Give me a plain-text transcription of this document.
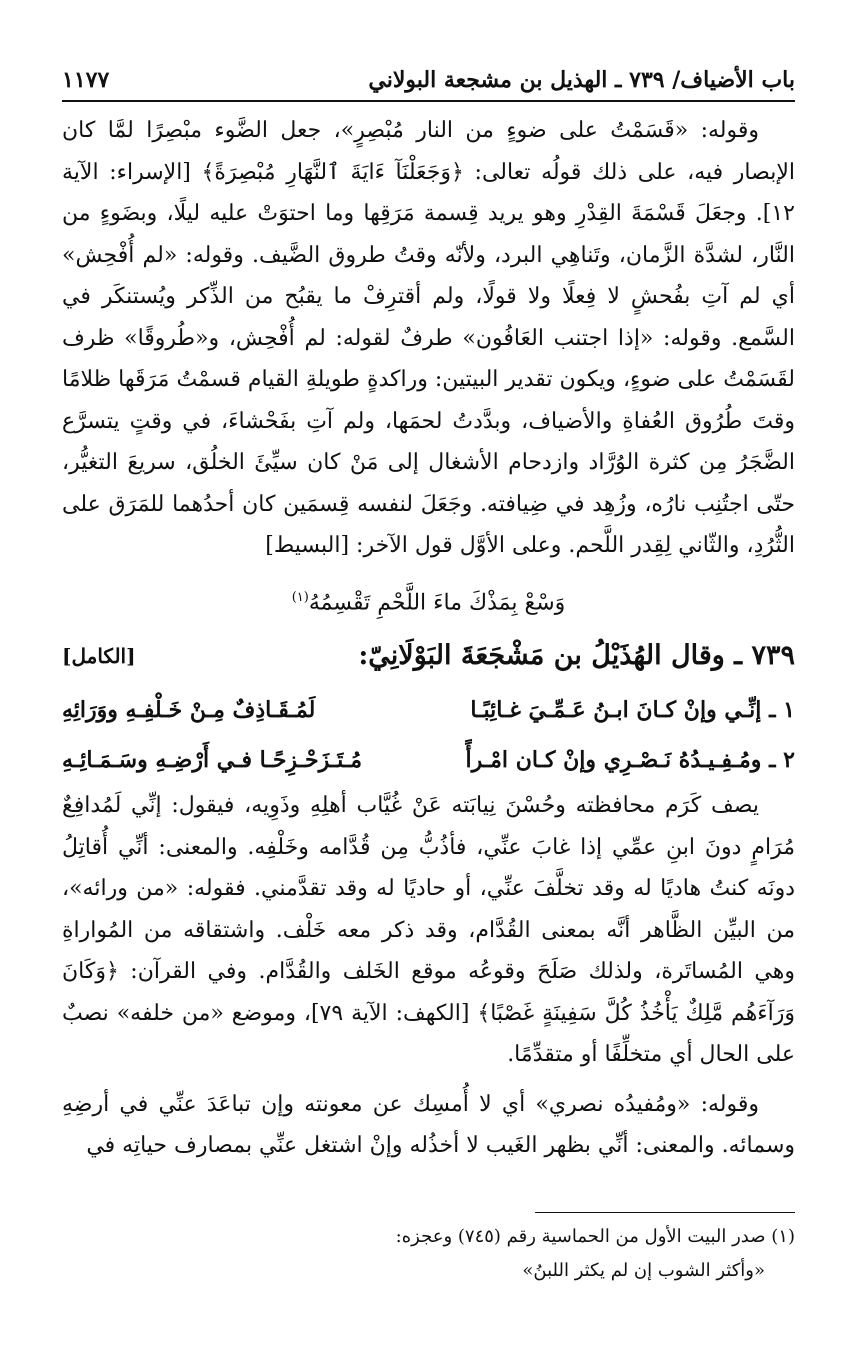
باب الأضياف/ ٧٣٩ ـ الهذيل بن مشجعة البولاني
١١٧٧

وقوله: «قَسَمْتُ على ضوءٍ من النار مُبْصِرٍ»، جعل الضَّوء مبْصِرًا لمَّا كان الإبصار فيه، على ذلك قولُه تعالى: ﴿وَجَعَلْنَآ ءَايَةَ ٱلنَّهَارِ مُبْصِرَةً﴾ [الإسراء: الآية ١٢]. وجعَلَ قَسْمَةَ القِدْرِ وهو يريد قِسمة مَرَقِها وما احتوَتْ عليه ليلًا، وبضَوءٍ من النَّار، لشدَّة الزَّمان، وتَناهِي البرد، ولأنّه وقتُ طروق الضَّيف. وقوله: «لم أُفْحِش» أي لم آتِ بفُحشٍ لا فِعلًا ولا قولًا، ولم أقترِفْ ما يقبُح من الذِّكر ويُستنكَر في السَّمع. وقوله: «إذا اجتنب العَافُون» طرفٌ لقوله: لم أُفْحِش، و«طُروقًا» ظرف لقَسَمْتُ على ضوءٍ، ويكون تقدير البيتين: وراكدةٍ طويلةِ القيام قسمْتُ مَرَقَها ظلامًا وقتَ طُرُوق العُفاةِ والأضياف، وبدَّدتُ لحمَها، ولم آتِ بفَحْشاءَ، في وقتٍ يتسرَّع الضَّجَرُ مِن كثرة الوُرَّاد وازدحام الأشغال إلى مَنْ كان سيِّئَ الخلُق، سريعَ التغيُّر، حتّى اجتُنِب نارُه، وزُهِد في ضِيافته. وجَعَلَ لنفسه قِسمَين كان أحدُهما للمَرَق على الثُّرُدِ، والثّاني لِقِدر اللَّحم. وعلى الأوَّل قول الآخر: [البسيط]

وَسْعْ بِمَذْكَ ماءَ اللَّحْمِ تَقْسِمُهُ$^{(١)}$
٧٣٩ ـ وقال الهُذَيْلُ بن مَشْجَعَةَ البَوْلَانِيّ:
[الكامل]
١ ـ إنِّـي وإنْ كـانَ ابـنُ عَـمِّـيَ غـائِبًـا
لَمُـقَـاذِفٌ مِـنْ خَـلْفِـهِ ووَرَائِهِ
٢ ـ ومُـفِـيـدُهُ نَـصْـرِي وإنْ كـان امْـرأً
مُـتَـزَحْـزِحًـا فـي أَرْضِـهِ وسَـمَـائِـهِ

يصف كَرَم محافظته وحُسْنَ نِيابَته عَنْ غُيَّاب أهلِهِ وذَوِيه، فيقول: إنِّي لَمُدافِعٌ مُرَامٍ دونَ ابنِ عمِّي إذا غابَ عنِّي، فأذُبُّ مِن قُدَّامه وخَلْفِه. والمعنى: أنِّي أُقاتِلُ دونَه كنتُ هاديًا له وقد تخلَّفَ عنِّي، أو حاديًا له وقد تقدَّمني. فقوله: «من ورائه»، من البيِّن الظَّاهر أنَّه بمعنى القُدَّام، وقد ذكر معه خَلْف. واشتقاقه من المُواراةِ وهي المُساتَرة، ولذلك صَلَحَ وقوعُه موقع الخَلف والقُدَّام. وفي القرآن: ﴿وَكَانَ وَرَآءَهُم مَّلِكٌ يَأْخُذُ كُلَّ سَفِينَةٍ غَصْبًا﴾ [الكهف: الآية ٧٩]، وموضع «من خلفه» نصبٌ على الحال أي متخلِّفًا أو متقدِّمًا.

وقوله: «ومُفيدُه نصري» أي لا أُمسِك عن معونته وإن تباعَدَ عنِّي في أرضِهِ وسمائه. والمعنى: أنِّي بظهر الغَيب لا أخذُله وإنْ اشتغل عنِّي بمصارف حياتِه في

(١) صدر البيت الأول من الحماسية رقم (٧٤٥) وعجزه:
«وأكثر الشوب إن لم يكثر اللبنُ»
